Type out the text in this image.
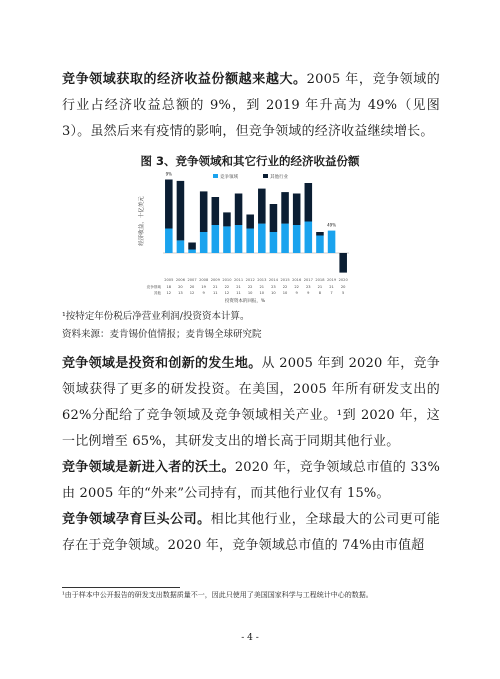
竞争领域获取的经济收益份额越来越大。2005 年，竞争领域的行业占经济收益总额的 9%，到 2019 年升高为 49%（见图 3）。虽然后来有疫情的影响，但竞争领域的经济收益继续增长。
图 3、竞争领域和其它行业的经济收益份额
经济收益，十亿美元
竞争领域	其他行业
2005
18
12
2006
20
13
2007
20
12
2008
19
9
2009
21
11
2010
22
12
2011
21
11
2012
22
10
2013
21
10
2014
23
10
2015
22
10
2016
22
9
2017
23
9
2018
21
8
2019
21
7
2020
20
5
9%
49%
竞争领域
其他
投资资本的回报，%
¹按特定年份税后净营业利润/投资资本计算。
资料来源：麦肯锡价值情报；麦肯锡全球研究院
竞争领域是投资和创新的发生地。从 2005 年到 2020 年，竞争领域获得了更多的研发投资。在美国，2005 年所有研发支出的 62%分配给了竞争领域及竞争领域相关产业。¹到 2020 年，这一比例增至 65%，其研发支出的增长高于同期其他行业。
竞争领域是新进入者的沃土。2020 年，竞争领域总市值的 33%由 2005 年的“外来”公司持有，而其他行业仅有 15%。
竞争领域孕育巨头公司。相比其他行业，全球最大的公司更可能存在于竞争领域。2020 年，竞争领域总市值的 74%由市值超
¹由于样本中公开报告的研发支出数据质量不一，因此只使用了美国国家科学与工程统计中心的数据。
- 4 -
